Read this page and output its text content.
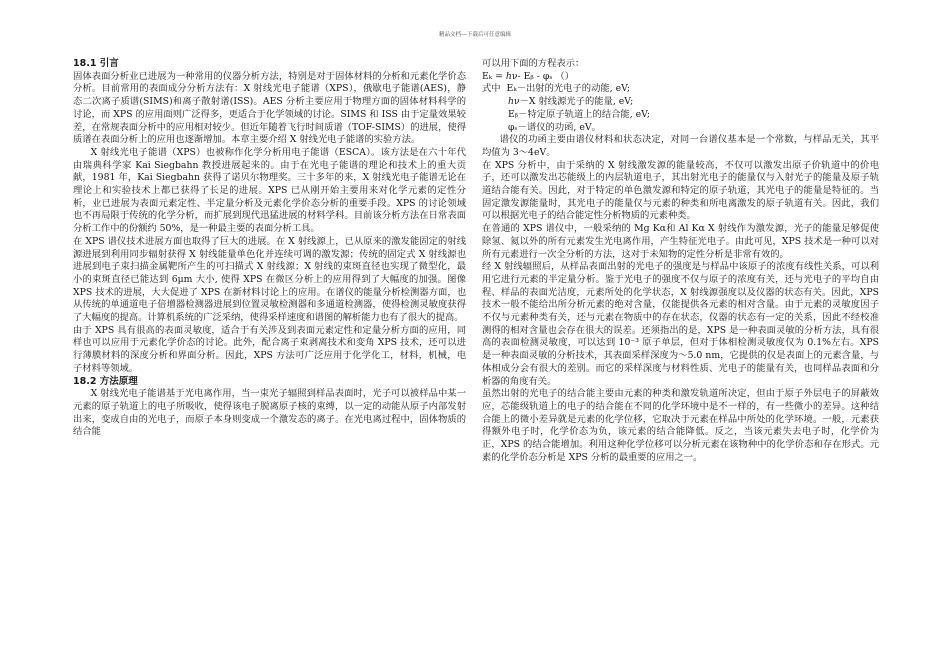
精品文档---下载后可任意编辑

18.1 引言

固体表面分析业已进展为一种常用的仪器分析方法，特别是对于固体材料的分析和元素化学价态分析。目前常用的表面成分分析方法有：X 射线光电子能谱（XPS），俄歇电子能谱(AES)，静态二次离子质谱(SIMS)和离子散射谱(ISS)。AES 分析主要应用于物理方面的固体材料科学的讨论，而 XPS 的应用面则广泛得多，更适合于化学领域的讨论。SIMS 和 ISS 由于定量效果较差，在常规表面分析中的应用相对较少。但近年随着飞行时间质谱（TOF-SIMS）的进展，使得质谱在表面分析上的应用也逐渐增加。本章主要介绍 X 射线光电子能谱的实验方法。

X 射线光电子能谱（XPS）也被称作化学分析用电子能谱（ESCA）。该方法是在六十年代由瑞典科学家 Kai Siegbahn 教授进展起来的。由于在光电子能谱的理论和技术上的重大贡献，1981 年，Kai Siegbahn 获得了诺贝尔物理奖。三十多年的来，X 射线光电子能谱无论在理论上和实验技术上都已获得了长足的进展。XPS 已从刚开始主要用来对化学元素的定性分析，业已进展为表面元素定性、半定量分析及元素化学价态分析的重要手段。XPS 的讨论领域也不再局限于传统的化学分析，而扩展到现代迅猛进展的材料学科。目前该分析方法在日常表面分析工作中的份额约 50%，是一种最主要的表面分析工具。

在 XPS 谱仪技术进展方面也取得了巨大的进展。在 X 射线源上，已从原来的激发能固定的射线源进展到利用同步辐射获得 X 射线能量单色化并连续可调的激发源；传统的固定式 X 射线源也进展到电子束扫描金属靶所产生的可扫描式 X 射线源；X 射线的束斑直径也实现了微型化，最小的束斑直径已能达到 6μm 大小, 使得 XPS 在微区分析上的应用得到了大幅度的加强。图像 XPS 技术的进展，大大促进了 XPS 在新材料讨论上的应用。在谱仪的能量分析检测器方面，也从传统的单通道电子倍增器检测器进展到位置灵敏检测器和多通道检测器，使得检测灵敏度获得了大幅度的提高。计算机系统的广泛采纳，使得采样速度和谱图的解析能力也有了很大的提高。

由于 XPS 具有很高的表面灵敏度，适合于有关涉及到表面元素定性和定量分析方面的应用，同样也可以应用于元素化学价态的讨论。此外，配合离子束剥离技术和变角 XPS 技术，还可以进行薄膜材料的深度分析和界面分析。因此，XPS 方法可广泛应用于化学化工，材料，机械，电子材料等领域。

18.2 方法原理

X 射线光电子能谱基于光电离作用，当一束光子辐照到样品表面时，光子可以被样品中某一元素的原子轨道上的电子所吸收，使得该电子脱离原子核的束缚，以一定的动能从原子内部发射出来，变成自由的光电子，而原子本身则变成一个激发态的离子。在光电离过程中，固体物质的结合能

可以用下面的方程表示：

Eₖ = ℎν- Eᵦ - φₛ （）

式中 Eₖ－出射的光电子的动能, eV;

ℎν－X 射线源光子的能量, eV;

Eᵦ－特定原子轨道上的结合能, eV;

φₛ－谱仪的功函, eV。

谱仪的功函主要由谱仪材料和状态决定，对同一台谱仪基本是一个常数，与样品无关，其平均值为 3～4eV。

在 XPS 分析中，由于采纳的 X 射线激发源的能量较高，不仅可以激发出原子价轨道中的价电子，还可以激发出芯能级上的内层轨道电子，其出射光电子的能量仅与入射光子的能量及原子轨道结合能有关。因此，对于特定的单色激发源和特定的原子轨道，其光电子的能量是特征的。当固定激发源能量时，其光电子的能量仅与元素的种类和所电离激发的原子轨道有关。因此，我们可以根据光电子的结合能定性分析物质的元素种类。

在普通的 XPS 谱仪中，一般采纳的 Mg Kα和 Al Kα X 射线作为激发源，光子的能量足够促使除氢、氦以外的所有元素发生光电离作用，产生特征光电子。由此可见，XPS 技术是一种可以对所有元素进行一次全分析的方法，这对于未知物的定性分析是非常有效的。

经 X 射线辐照后，从样品表面出射的光电子的强度是与样品中该原子的浓度有线性关系，可以利用它进行元素的半定量分析。鉴于光电子的强度不仅与原子的浓度有关，还与光电子的平均自由程、样品的表面光洁度，元素所处的化学状态，X 射线源强度以及仪器的状态有关。因此，XPS 技术一般不能给出所分析元素的绝对含量，仅能提供各元素的相对含量。由于元素的灵敏度因子不仅与元素种类有关，还与元素在物质中的存在状态，仪器的状态有一定的关系，因此不经校准测得的相对含量也会存在很大的误差。还须指出的是，XPS 是一种表面灵敏的分析方法，具有很高的表面检测灵敏度，可以达到 10⁻³ 原子单层，但对于体相检测灵敏度仅为 0.1%左右。XPS 是一种表面灵敏的分析技术，其表面采样深度为～5.0 nm，它提供的仅是表面上的元素含量，与体相成分会有很大的差别。而它的采样深度与材料性质、光电子的能量有关，也同样品表面和分析器的角度有关。

虽然出射的光电子的结合能主要由元素的种类和激发轨道所决定，但由于原子外层电子的屏蔽效应，芯能级轨道上的电子的结合能在不同的化学环境中是不一样的，有一些微小的差异。这种结合能上的微小差异就是元素的化学位移，它取决于元素在样品中所处的化学环境。一般，元素获得额外电子时，化学价态为负，该元素的结合能降低。反之，当该元素失去电子时，化学价为正，XPS 的结合能增加。利用这种化学位移可以分析元素在该物种中的化学价态和存在形式。元素的化学价态分析是 XPS 分析的最重要的应用之一。
